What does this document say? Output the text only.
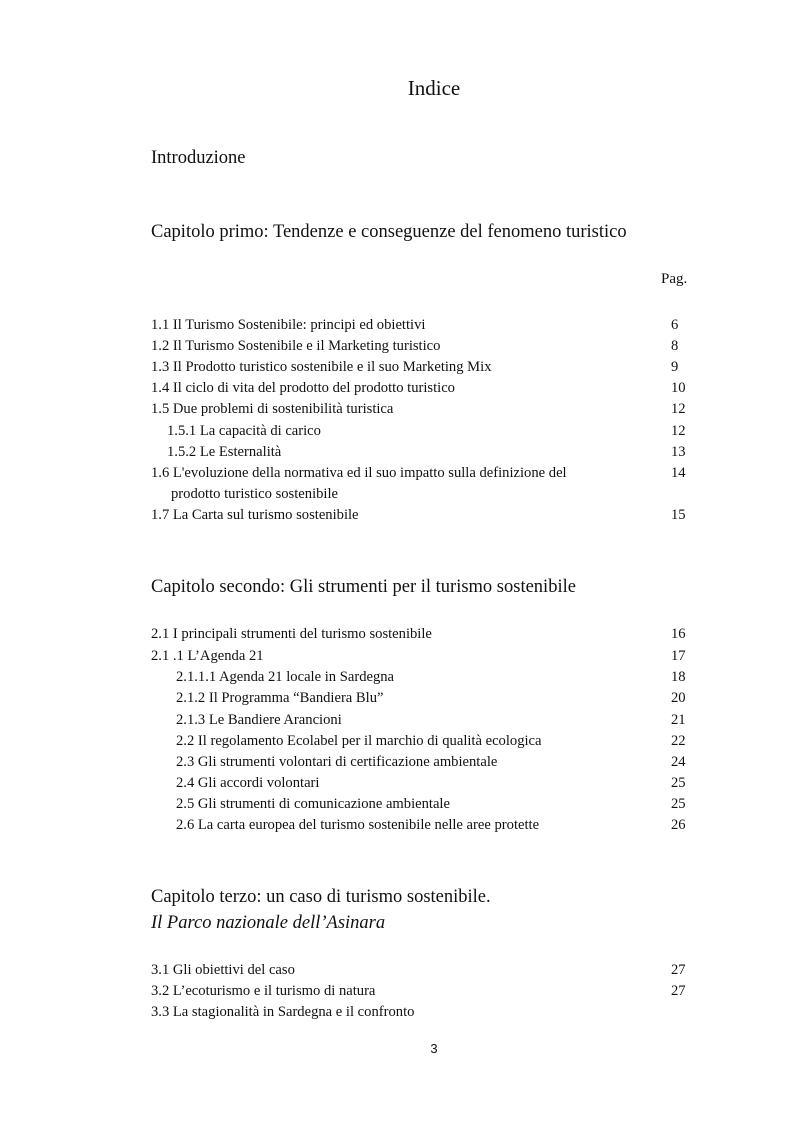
Indice
Introduzione
Capitolo primo: Tendenze e conseguenze del fenomeno turistico
Pag.
1.1 Il Turismo Sostenibile: principi ed obiettivi	6
1.2 Il Turismo Sostenibile e il Marketing turistico	8
1.3 Il Prodotto turistico sostenibile e il suo Marketing Mix	9
1.4 Il ciclo di vita del prodotto del prodotto turistico	10
1.5 Due problemi di sostenibilità turistica	12
1.5.1 La capacità di carico	12
1.5.2 Le Esternalità	13
1.6 L'evoluzione della normativa ed il suo impatto sulla definizione del	14
prodotto turistico sostenibile
1.7 La Carta sul turismo sostenibile	15
Capitolo secondo: Gli strumenti per il turismo sostenibile
2.1 I principali strumenti del turismo sostenibile	16
2.1 .1 L’Agenda 21	17
2.1.1.1 Agenda 21 locale in Sardegna	18
2.1.2 Il Programma “Bandiera Blu”	20
2.1.3 Le Bandiere Arancioni	21
2.2 Il regolamento Ecolabel per il marchio di qualità ecologica	22
2.3 Gli strumenti volontari di certificazione ambientale	24
2.4 Gli accordi volontari	25
2.5 Gli strumenti di comunicazione ambientale	25
2.6 La carta europea del turismo sostenibile nelle aree protette	26
Capitolo terzo: un caso di turismo sostenibile.
Il Parco nazionale dell’Asinara
3.1 Gli obiettivi del caso	27
3.2 L’ecoturismo e il turismo di natura	27
3.3 La stagionalità in Sardegna e il confronto
3
